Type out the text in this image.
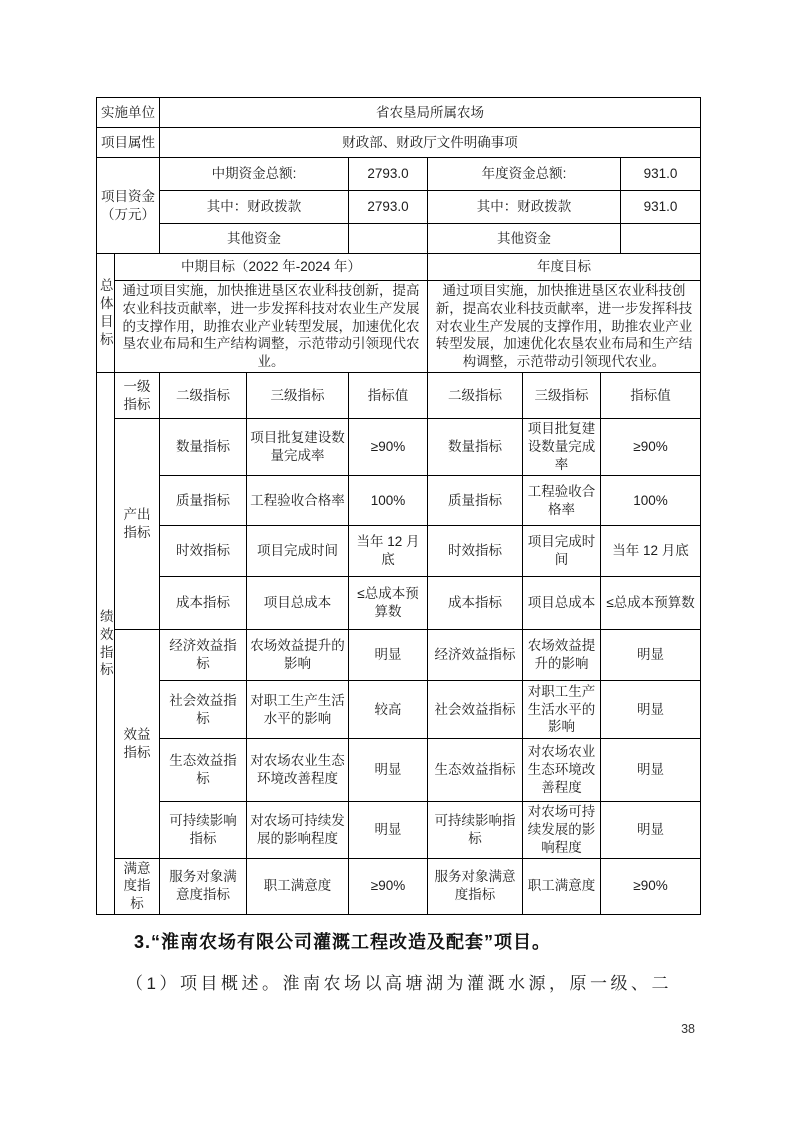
实施单位		省农垦局所属农场						
项目属性		财政部、财政厅文件明确事项						
项目资金（万元）		中期资金总额:		2793.0	年度资金总额:			931.0
		其中：财政拨款		2793.0	其中：财政拨款			931.0
		其他资金			其他资金			
总体目标	中期目标（2022 年-2024 年）				年度目标			
	通过项目实施，加快推进垦区农业科技创新，提高农业科技贡献率，进一步发挥科技对农业生产发展的支撑作用，助推农业产业转型发展，加速优化农垦农业布局和生产结构调整，示范带动引领现代农业。				通过项目实施，加快推进垦区农业科技创新，提高农业科技贡献率，进一步发挥科技对农业生产发展的支撑作用，助推农业产业转型发展，加速优化农垦农业布局和生产结构调整，示范带动引领现代农业。			
绩效指标	一级指标	二级指标	三级指标	指标值	二级指标	三级指标	指标值	
	产出指标	数量指标	项目批复建设数量完成率	≥90%	数量指标	项目批复建设数量完成率	≥90%	
		质量指标	工程验收合格率	100%	质量指标	工程验收合格率	100%	
		时效指标	项目完成时间	当年 12 月底	时效指标	项目完成时间	当年 12 月底	
		成本指标	项目总成本	≤总成本预算数	成本指标	项目总成本	≤总成本预算数	
	效益指标	经济效益指标	农场效益提升的影响	明显	经济效益指标	农场效益提升的影响	明显	
		社会效益指标	对职工生产生活水平的影响	较高	社会效益指标	对职工生产生活水平的影响	明显	
		生态效益指标	对农场农业生态环境改善程度	明显	生态效益指标	对农场农业生态环境改善程度	明显	
		可持续影响指标	对农场可持续发展的影响程度	明显	可持续影响指标	对农场可持续发展的影响程度	明显	
	满意度指标	服务对象满意度指标	职工满意度	≥90%	服务对象满意度指标	职工满意度	≥90%	
3.“淮南农场有限公司灌溉工程改造及配套”项目。
（1）项目概述。淮南农场以高塘湖为灌溉水源，原一级、二
38
